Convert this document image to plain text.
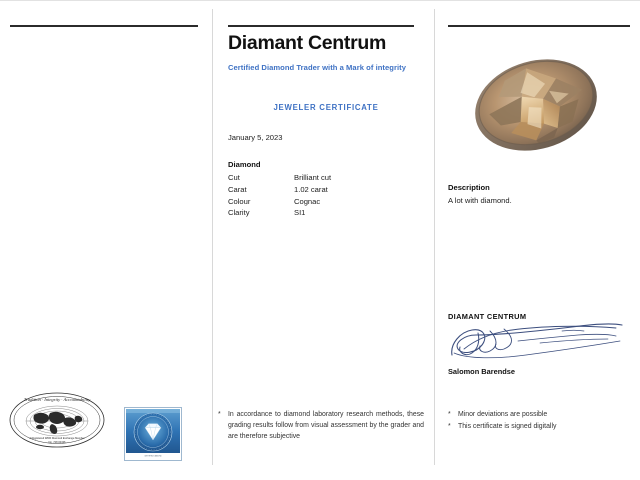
Diamant Centrum
Certified Diamond Trader with a Mark of integrity
JEWELER CERTIFICATE
January 5, 2023
Diamond
Cut	Brilliant cut
Carat	1.02 carat
Colour	Cognac
Clarity	SI1
Description
A lot with diamond.
DIAMANT CENTRUM
Salomon Barendse
* In accordance to diamond laboratory research methods, these grading results follow from visual assessment by the grader and are therefore subjective
* Minor deviations are possible
* This certificate is signed digitally
Tradition · Integrity · Accountability
A Registered WDR Diamond Exchange Member
No. 728 00436
CERTIFIED DIAMOND
